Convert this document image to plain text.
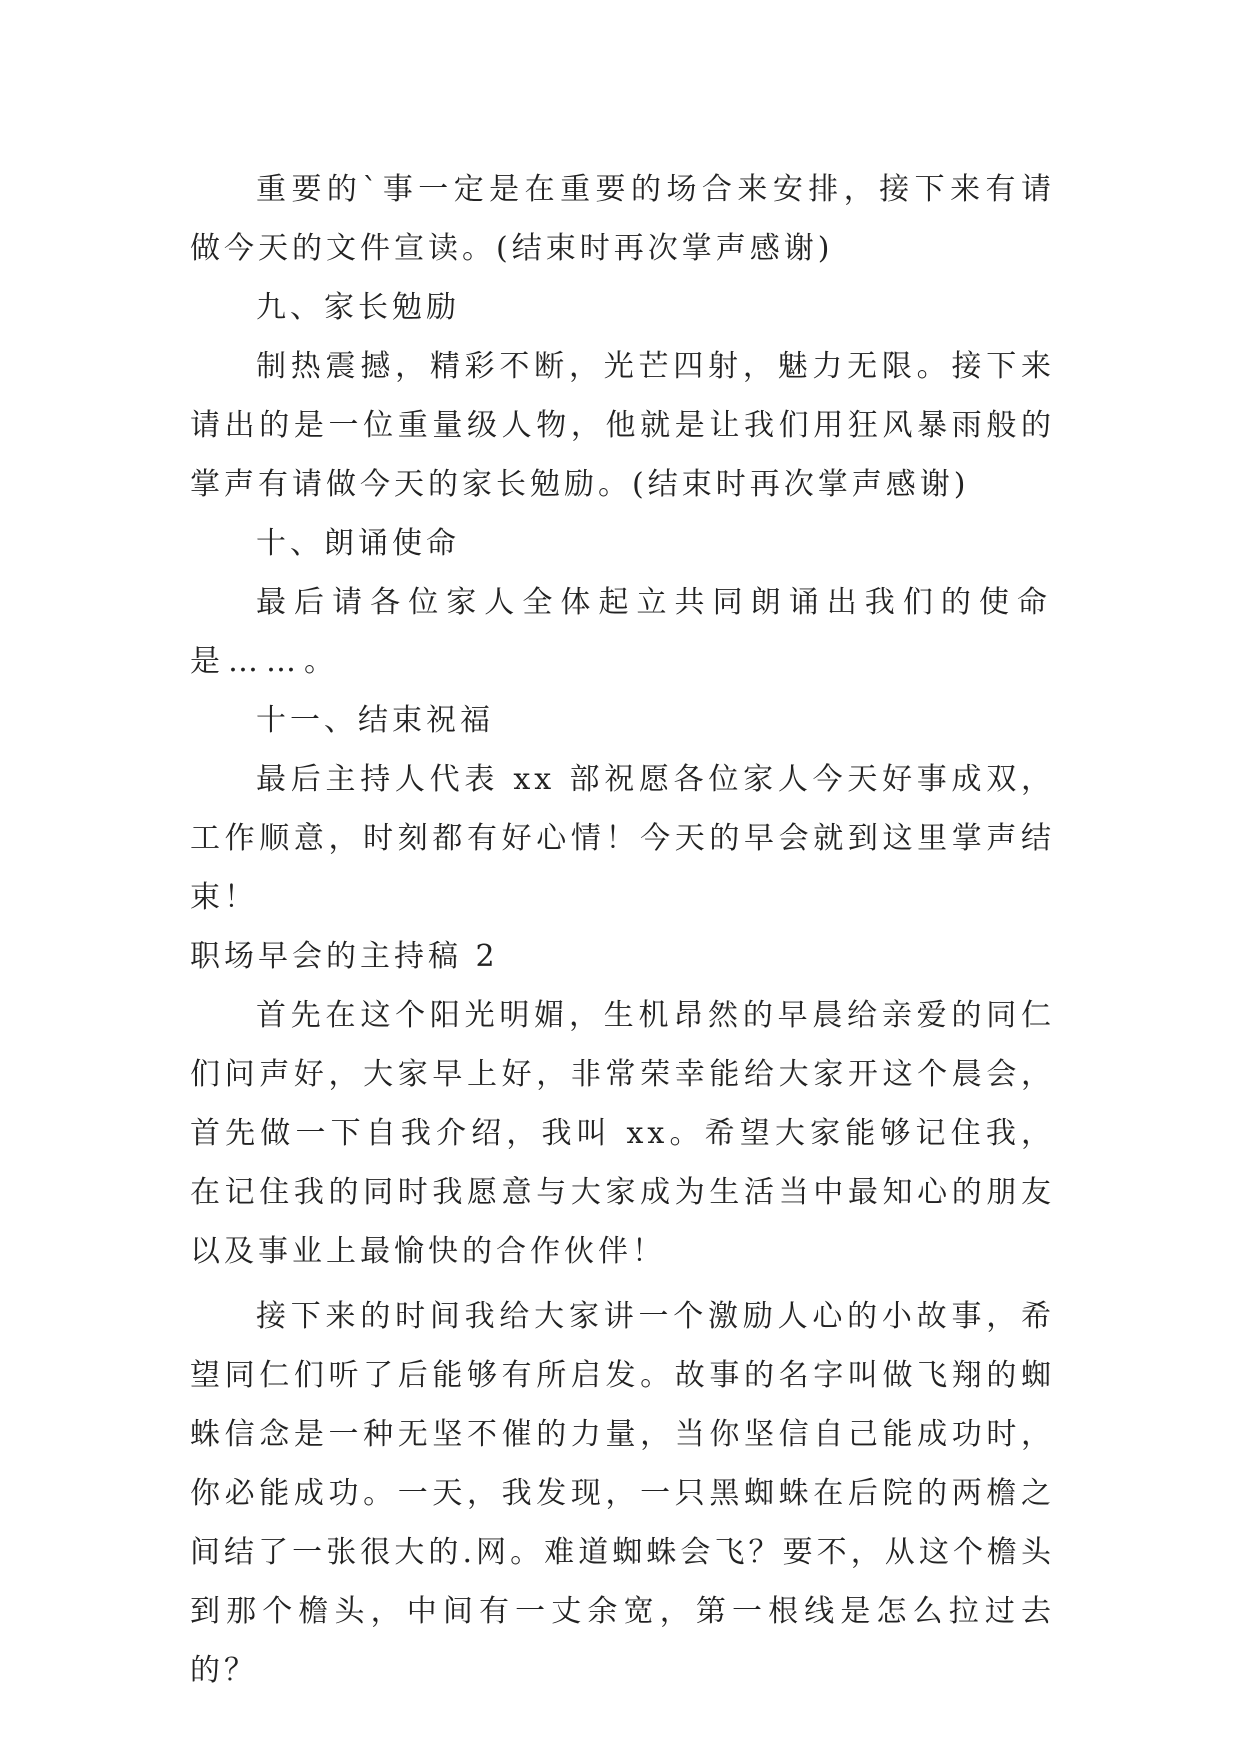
重要的`事一定是在重要的场合来安排，接下来有请做今天的文件宣读。(结束时再次掌声感谢)

九、家长勉励

制热震撼，精彩不断，光芒四射，魅力无限。接下来请出的是一位重量级人物，他就是让我们用狂风暴雨般的掌声有请做今天的家长勉励。(结束时再次掌声感谢)

十、朗诵使命

最后请各位家人全体起立共同朗诵出我们的使命是……。

十一、结束祝福

最后主持人代表 xx 部祝愿各位家人今天好事成双，工作顺意，时刻都有好心情！今天的早会就到这里掌声结束！

职场早会的主持稿 2

首先在这个阳光明媚，生机昂然的早晨给亲爱的同仁们问声好，大家早上好，非常荣幸能给大家开这个晨会，首先做一下自我介绍，我叫 xx。希望大家能够记住我，在记住我的同时我愿意与大家成为生活当中最知心的朋友以及事业上最愉快的合作伙伴！

接下来的时间我给大家讲一个激励人心的小故事，希望同仁们听了后能够有所启发。故事的名字叫做飞翔的蜘蛛信念是一种无坚不催的力量，当你坚信自己能成功时，你必能成功。一天，我发现，一只黑蜘蛛在后院的两檐之间结了一张很大的.网。难道蜘蛛会飞？要不，从这个檐头到那个檐头，中间有一丈余宽，第一根线是怎么拉过去的？
